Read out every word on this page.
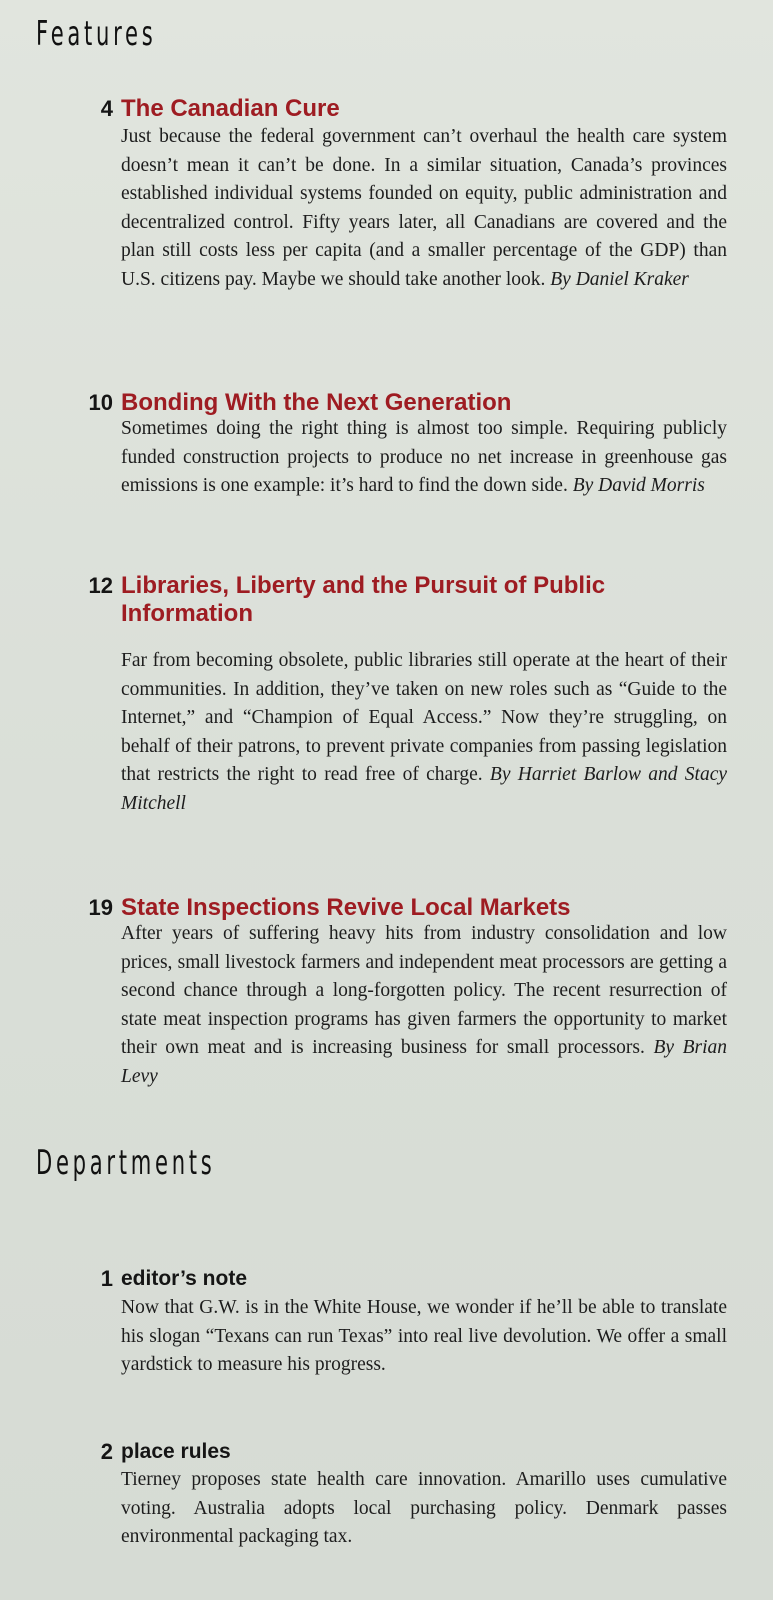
Features
4 The Canadian Cure

Just because the federal government can’t overhaul the health care system doesn’t mean it can’t be done. In a similar situation, Canada’s provinces established individual systems founded on equity, public administration and decentralized control. Fifty years later, all Canadians are covered and the plan still costs less per capita (and a smaller percentage of the GDP) than U.S. citizens pay. Maybe we should take another look. By Daniel Kraker

10 Bonding With the Next Generation

Sometimes doing the right thing is almost too simple. Requiring publicly funded construction projects to produce no net increase in greenhouse gas emissions is one example: it’s hard to find the down side. By David Morris

12 Libraries, Liberty and the Pursuit of Public Information

Far from becoming obsolete, public libraries still operate at the heart of their communities. In addition, they’ve taken on new roles such as “Guide to the Internet,” and “Champion of Equal Access.” Now they’re struggling, on behalf of their patrons, to prevent private companies from passing legislation that restricts the right to read free of charge. By Harriet Barlow and Stacy Mitchell

19 State Inspections Revive Local Markets

After years of suffering heavy hits from industry consolidation and low prices, small livestock farmers and independent meat processors are getting a second chance through a long-forgotten policy. The recent resurrection of state meat inspection programs has given farmers the opportunity to market their own meat and is increasing business for small processors. By Brian Levy

Departments
1 editor’s note

Now that G.W. is in the White House, we wonder if he’ll be able to translate his slogan “Texans can run Texas” into real live devolution. We offer a small yardstick to measure his progress.

2 place rules

Tierney proposes state health care innovation. Amarillo uses cumulative voting. Australia adopts local purchasing policy. Denmark passes environmental packaging tax.
